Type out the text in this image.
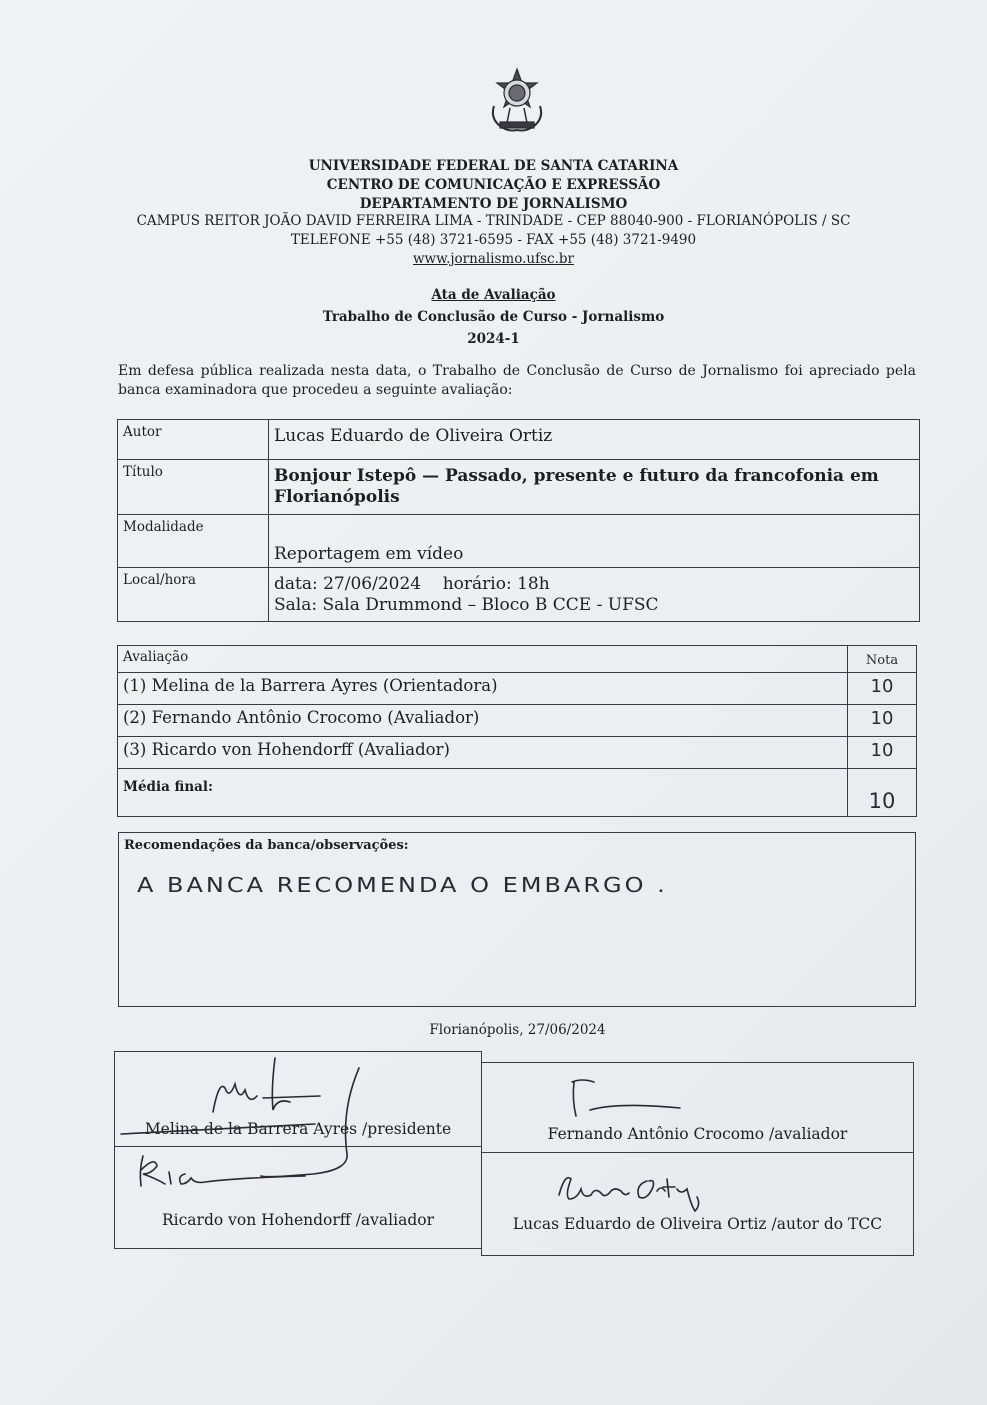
UNIVERSIDADE FEDERAL DE SANTA CATARINA
CENTRO DE COMUNICAÇÃO E EXPRESSÃO
DEPARTAMENTO DE JORNALISMO
CAMPUS REITOR JOÃO DAVID FERREIRA LIMA - TRINDADE - CEP 88040-900 - FLORIANÓPOLIS / SC
TELEFONE +55 (48) 3721-6595 - FAX +55 (48) 3721-9490
www.jornalismo.ufsc.br
Ata de Avaliação
Trabalho de Conclusão de Curso - Jornalismo
2024-1
Em defesa pública realizada nesta data, o Trabalho de Conclusão de Curso de Jornalismo foi apreciado pela banca examinadora que procedeu a seguinte avaliação:
Autor	Lucas Eduardo de Oliveira Ortiz
Título	Bonjour Istepô — Passado, presente e futuro da francofonia em Florianópolis
Modalidade	Reportagem em vídeo
Local/hora	data: 27/06/2024    horário: 18h
Sala: Sala Drummond – Bloco B CCE - UFSC
Avaliação	Nota
(1) Melina de la Barrera Ayres (Orientadora)	10
(2) Fernando Antônio Crocomo (Avaliador)	10
(3) Ricardo von Hohendorff (Avaliador)	10
Média final:	10
Recomendações da banca/observações:
A BANCA RECOMENDA O EMBARGO .
Florianópolis, 27/06/2024
Melina de la Barrera Ayres /presidente	Fernando Antônio Crocomo /avaliador
Ricardo von Hohendorff /avaliador	Lucas Eduardo de Oliveira Ortiz /autor do TCC
